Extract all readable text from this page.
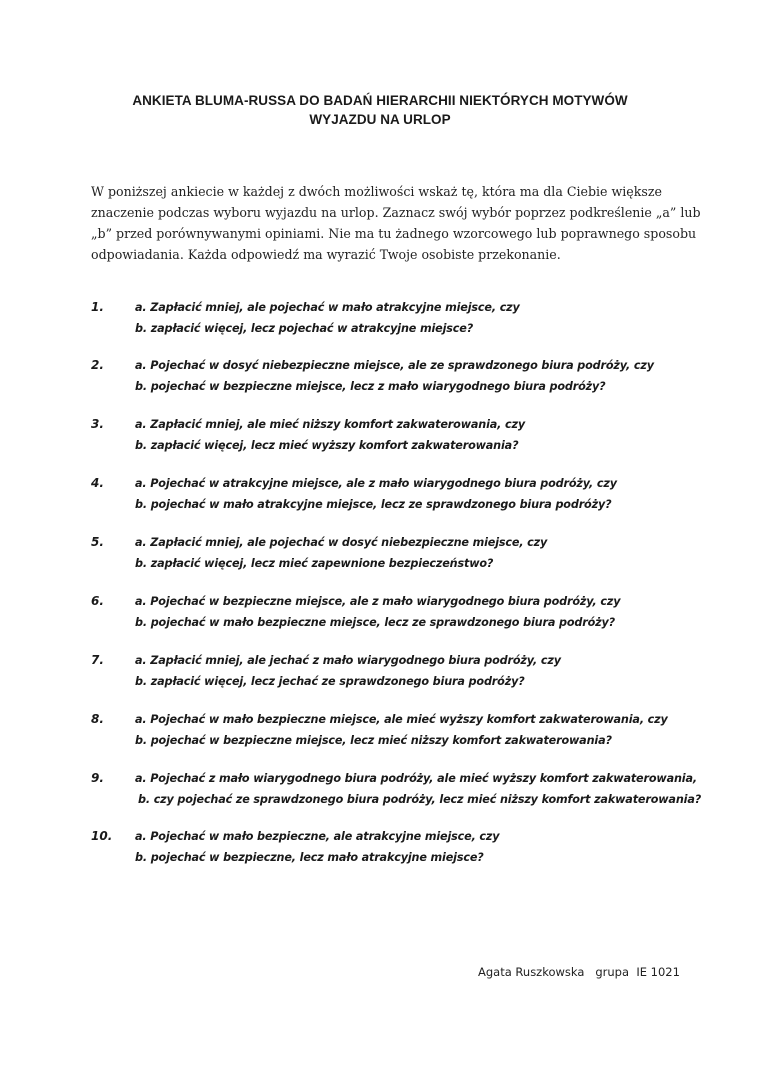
ANKIETA BLUMA-RUSSA DO BADAŃ HIERARCHII NIEKTÓRYCH MOTYWÓW
WYJAZDU NA URLOP
W poniższej ankiecie w każdej z dwóch możliwości wskaż tę, która ma dla Ciebie większe
znaczenie podczas wyboru wyjazdu na urlop. Zaznacz swój wybór poprzez podkreślenie „a” lub
„b” przed porównywanymi opiniami. Nie ma tu żadnego wzorcowego lub poprawnego sposobu
odpowiadania. Każda odpowiedź ma wyrazić Twoje osobiste przekonanie.
1.	a. Zapłacić mniej, ale pojechać w mało atrakcyjne miejsce, czy
b. zapłacić więcej, lecz pojechać w atrakcyjne miejsce?
2.	a. Pojechać w dosyć niebezpieczne miejsce, ale ze sprawdzonego biura podróży, czy
b. pojechać w bezpieczne miejsce, lecz z mało wiarygodnego biura podróży?
3.	a. Zapłacić mniej, ale mieć niższy komfort zakwaterowania, czy
b. zapłacić więcej, lecz mieć wyższy komfort zakwaterowania?
4.	a. Pojechać w atrakcyjne miejsce, ale z mało wiarygodnego biura podróży, czy
b. pojechać w mało atrakcyjne miejsce, lecz ze sprawdzonego biura podróży?
5.	a. Zapłacić mniej, ale pojechać w dosyć niebezpieczne miejsce, czy
b. zapłacić więcej, lecz mieć zapewnione bezpieczeństwo?
6.	a. Pojechać w bezpieczne miejsce, ale z mało wiarygodnego biura podróży, czy
b. pojechać w mało bezpieczne miejsce, lecz ze sprawdzonego biura podróży?
7.	a. Zapłacić mniej, ale jechać z mało wiarygodnego biura podróży, czy
b. zapłacić więcej, lecz jechać ze sprawdzonego biura podróży?
8.	a. Pojechać w mało bezpieczne miejsce, ale mieć wyższy komfort zakwaterowania, czy
b. pojechać w bezpieczne miejsce, lecz mieć niższy komfort zakwaterowania?
9.	a. Pojechać z mało wiarygodnego biura podróży, ale mieć wyższy komfort zakwaterowania,
b. czy pojechać ze sprawdzonego biura podróży, lecz mieć niższy komfort zakwaterowania?
10. a. Pojechać w mało bezpieczne, ale atrakcyjne miejsce, czy
b. pojechać w bezpieczne, lecz mało atrakcyjne miejsce?
Agata Ruszkowska   grupa  IE 1021
